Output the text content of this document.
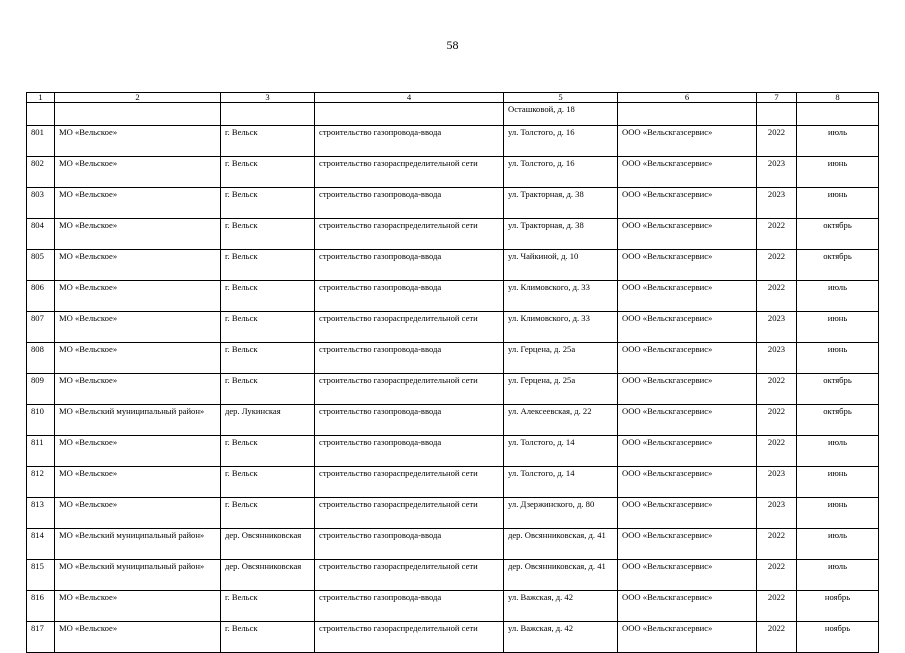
58
1	2	3	4	5	6	7	8
				Осташковой, д. 18			
801	МО «Вельское»	г. Вельск	строительство газопровода-ввода	ул. Толстого, д. 16	ООО «Вельскгазсервис»	2022	июль
802	МО «Вельское»	г. Вельск	строительство газораспределительной сети	ул. Толстого, д. 16	ООО «Вельскгазсервис»	2023	июнь
803	МО «Вельское»	г. Вельск	строительство газопровода-ввода	ул. Тракторная, д. 38	ООО «Вельскгазсервис»	2023	июнь
804	МО «Вельское»	г. Вельск	строительство газораспределительной сети	ул. Тракторная, д. 38	ООО «Вельскгазсервис»	2022	октябрь
805	МО «Вельское»	г. Вельск	строительство газопровода-ввода	ул. Чайкиной, д. 10	ООО «Вельскгазсервис»	2022	октябрь
806	МО «Вельское»	г. Вельск	строительство газопровода-ввода	ул. Климовского, д. 33	ООО «Вельскгазсервис»	2022	июль
807	МО «Вельское»	г. Вельск	строительство газораспределительной сети	ул. Климовского, д. 33	ООО «Вельскгазсервис»	2023	июнь
808	МО «Вельское»	г. Вельск	строительство газопровода-ввода	ул. Герцена, д. 25а	ООО «Вельскгазсервис»	2023	июнь
809	МО «Вельское»	г. Вельск	строительство газораспределительной сети	ул. Герцена, д. 25а	ООО «Вельскгазсервис»	2022	октябрь
810	МО «Вельский муниципальный район»	дер. Лукинская	строительство газопровода-ввода	ул. Алексеевская, д. 22	ООО «Вельскгазсервис»	2022	октябрь
811	МО «Вельское»	г. Вельск	строительство газопровода-ввода	ул. Толстого, д. 14	ООО «Вельскгазсервис»	2022	июль
812	МО «Вельское»	г. Вельск	строительство газораспределительной сети	ул. Толстого, д. 14	ООО «Вельскгазсервис»	2023	июнь
813	МО «Вельское»	г. Вельск	строительство газораспределительной сети	ул. Дзержинского, д. 80	ООО «Вельскгазсервис»	2023	июнь
814	МО «Вельский муниципальный район»	дер. Овсянниковская	строительство газопровода-ввода	дер. Овсянниковская, д. 41	ООО «Вельскгазсервис»	2022	июль
815	МО «Вельский муниципальный район»	дер. Овсянниковская	строительство газораспределительной сети	дер. Овсянниковская, д. 41	ООО «Вельскгазсервис»	2022	июль
816	МО «Вельское»	г. Вельск	строительство газопровода-ввода	ул. Важская, д. 42	ООО «Вельскгазсервис»	2022	ноябрь
817	МО «Вельское»	г. Вельск	строительство газораспределительной сети	ул. Важская, д. 42	ООО «Вельскгазсервис»	2022	ноябрь
